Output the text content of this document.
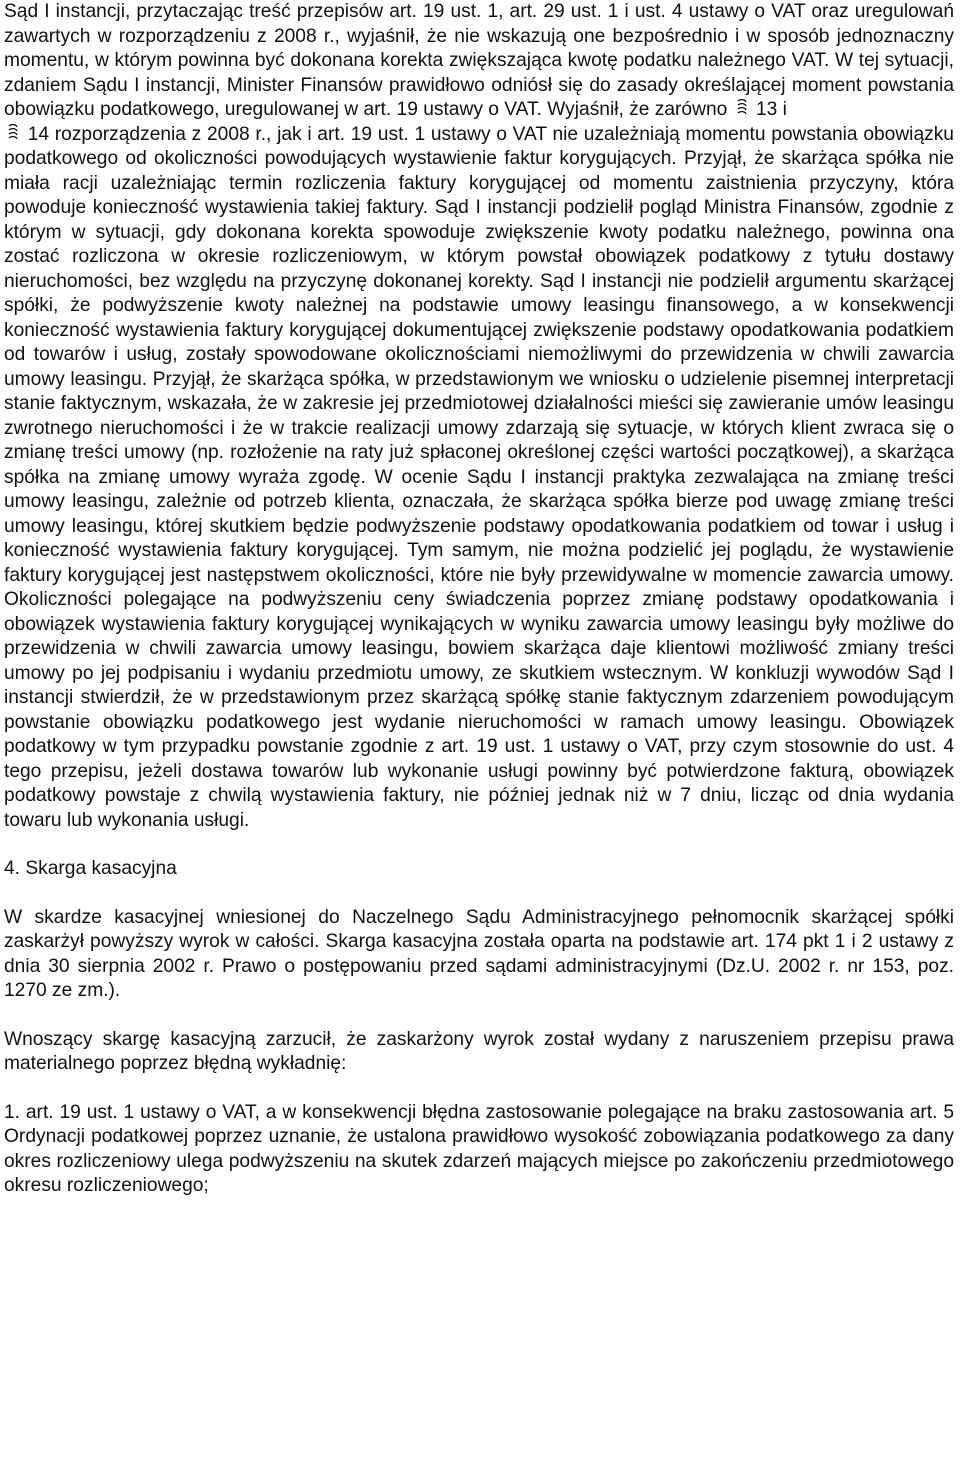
Sąd I instancji, przytaczając treść przepisów art. 19 ust. 1, art. 29 ust. 1 i ust. 4 ustawy o VAT oraz uregulowań zawartych w rozporządzeniu z 2008 r., wyjaśnił, że nie wskazują one bezpośrednio i w sposób jednoznaczny momentu, w którym powinna być dokonana korekta zwiększająca kwotę podatku należnego VAT. W tej sytuacji, zdaniem Sądu I instancji, Minister Finansów prawidłowo odniósł się do zasady określającej moment powstania obowiązku podatkowego, uregulowanej w art. 19 ustawy o VAT. Wyjaśnił, że zarówno 13 i
14 rozporządzenia z 2008 r., jak i art. 19 ust. 1 ustawy o VAT nie uzależniają momentu powstania obowiązku podatkowego od okoliczności powodujących wystawienie faktur korygujących. Przyjął, że skarżąca spółka nie miała racji uzależniając termin rozliczenia faktury korygującej od momentu zaistnienia przyczyny, która powoduje konieczność wystawienia takiej faktury. Sąd I instancji podzielił pogląd Ministra Finansów, zgodnie z którym w sytuacji, gdy dokonana korekta spowoduje zwiększenie kwoty podatku należnego, powinna ona zostać rozliczona w okresie rozliczeniowym, w którym powstał obowiązek podatkowy z tytułu dostawy nieruchomości, bez względu na przyczynę dokonanej korekty. Sąd I instancji nie podzielił argumentu skarżącej spółki, że podwyższenie kwoty należnej na podstawie umowy leasingu finansowego, a w konsekwencji konieczność wystawienia faktury korygującej dokumentującej zwiększenie podstawy opodatkowania podatkiem od towarów i usług, zostały spowodowane okolicznościami niemożliwymi do przewidzenia w chwili zawarcia umowy leasingu. Przyjął, że skarżąca spółka, w przedstawionym we wniosku o udzielenie pisemnej interpretacji stanie faktycznym, wskazała, że w zakresie jej przedmiotowej działalności mieści się zawieranie umów leasingu zwrotnego nieruchomości i że w trakcie realizacji umowy zdarzają się sytuacje, w których klient zwraca się o zmianę treści umowy (np. rozłożenie na raty już spłaconej określonej części wartości początkowej), a skarżąca spółka na zmianę umowy wyraża zgodę. W ocenie Sądu I instancji praktyka zezwalająca na zmianę treści umowy leasingu, zależnie od potrzeb klienta, oznaczała, że skarżąca spółka bierze pod uwagę zmianę treści umowy leasingu, której skutkiem będzie podwyższenie podstawy opodatkowania podatkiem od towar i usług i konieczność wystawienia faktury korygującej. Tym samym, nie można podzielić jej poglądu, że wystawienie faktury korygującej jest następstwem okoliczności, które nie były przewidywalne w momencie zawarcia umowy. Okoliczności polegające na podwyższeniu ceny świadczenia poprzez zmianę podstawy opodatkowania i obowiązek wystawienia faktury korygującej wynikających w wyniku zawarcia umowy leasingu były możliwe do przewidzenia w chwili zawarcia umowy leasingu, bowiem skarżąca daje klientowi możliwość zmiany treści umowy po jej podpisaniu i wydaniu przedmiotu umowy, ze skutkiem wstecznym. W konkluzji wywodów Sąd I instancji stwierdził, że w przedstawionym przez skarżącą spółkę stanie faktycznym zdarzeniem powodującym powstanie obowiązku podatkowego jest wydanie nieruchomości w ramach umowy leasingu. Obowiązek podatkowy w tym przypadku powstanie zgodnie z art. 19 ust. 1 ustawy o VAT, przy czym stosownie do ust. 4 tego przepisu, jeżeli dostawa towarów lub wykonanie usługi powinny być potwierdzone fakturą, obowiązek podatkowy powstaje z chwilą wystawienia faktury, nie później jednak niż w 7 dniu, licząc od dnia wydania towaru lub wykonania usługi.

4. Skarga kasacyjna

W skardze kasacyjnej wniesionej do Naczelnego Sądu Administracyjnego pełnomocnik skarżącej spółki zaskarżył powyższy wyrok w całości. Skarga kasacyjna została oparta na podstawie art. 174 pkt 1 i 2 ustawy z dnia 30 sierpnia 2002 r. Prawo o postępowaniu przed sądami administracyjnymi (Dz.U. 2002 r. nr 153, poz. 1270 ze zm.).

Wnoszący skargę kasacyjną zarzucił, że zaskarżony wyrok został wydany z naruszeniem przepisu prawa materialnego poprzez błędną wykładnię:

1. art. 19 ust. 1 ustawy o VAT, a w konsekwencji błędna zastosowanie polegające na braku zastosowania art. 5 Ordynacji podatkowej poprzez uznanie, że ustalona prawidłowo wysokość zobowiązania podatkowego za dany okres rozliczeniowy ulega podwyższeniu na skutek zdarzeń mających miejsce po zakończeniu przedmiotowego okresu rozliczeniowego;
